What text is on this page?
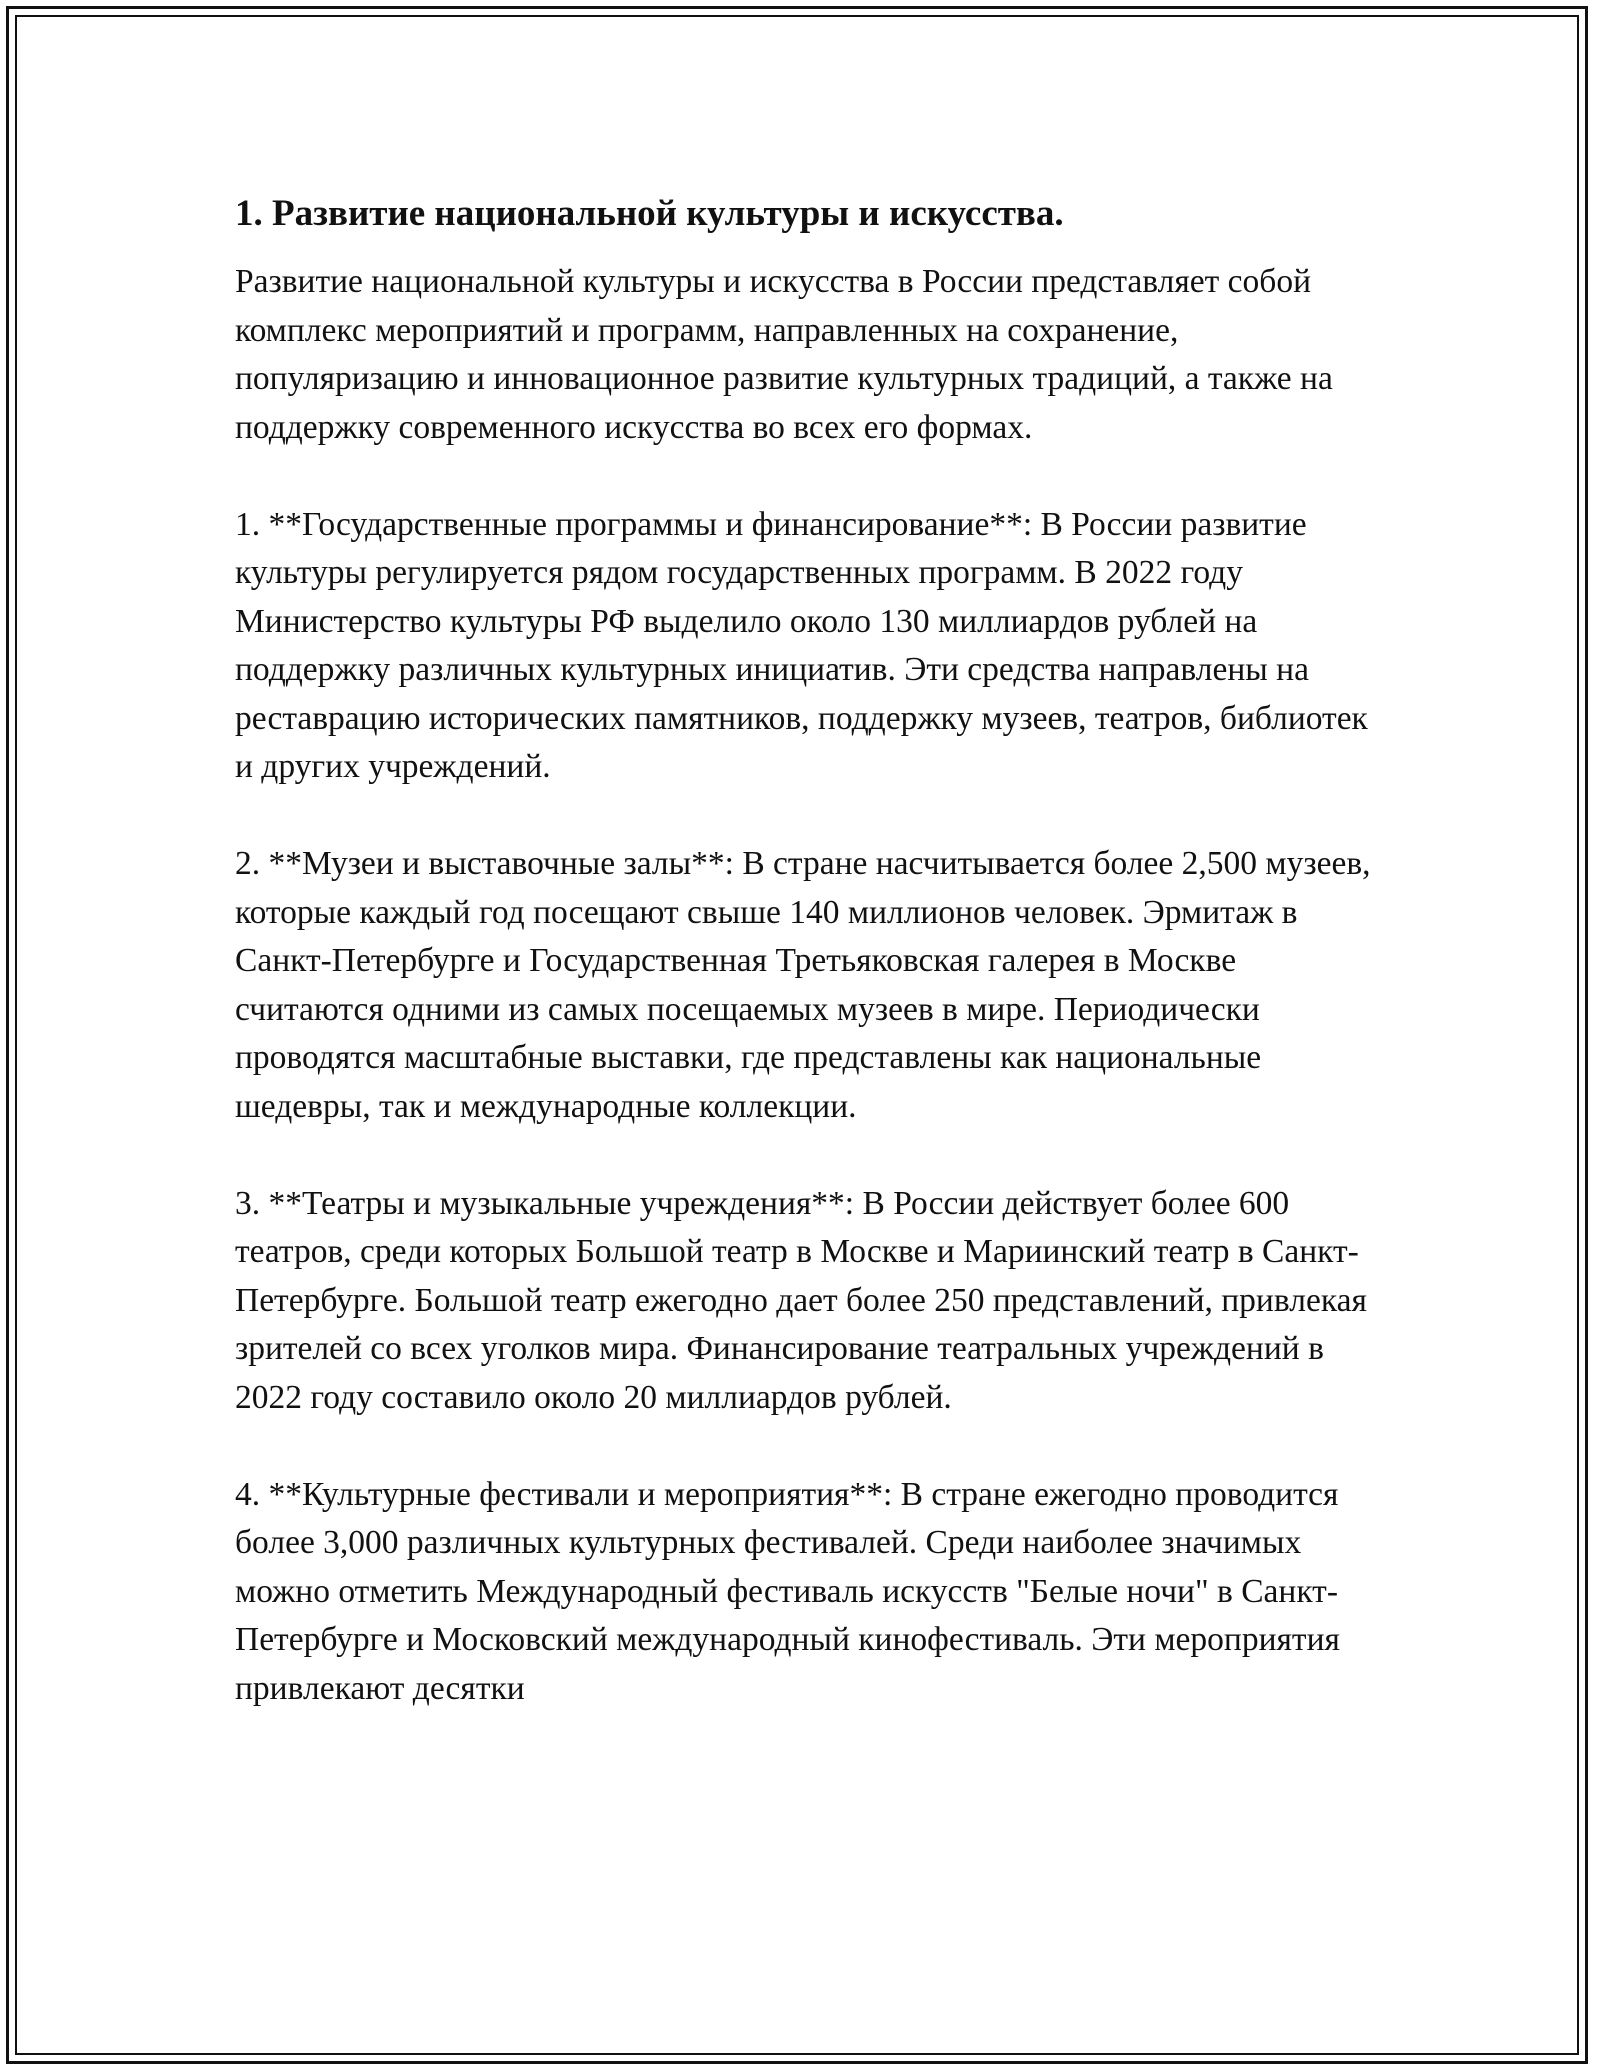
1. Развитие национальной культуры и искусства.

Развитие национальной культуры и искусства в России представляет собой комплекс мероприятий и программ, направленных на сохранение, популяризацию и инновационное развитие культурных традиций, а также на поддержку современного искусства во всех его формах.

1. **Государственные программы и финансирование**: В России развитие культуры регулируется рядом государственных программ. В 2022 году Министерство культуры РФ выделило около 130 миллиардов рублей на поддержку различных культурных инициатив. Эти средства направлены на реставрацию исторических памятников, поддержку музеев, театров, библиотек и других учреждений.

2. **Музеи и выставочные залы**: В стране насчитывается более 2,500 музеев, которые каждый год посещают свыше 140 миллионов человек. Эрмитаж в Санкт-Петербурге и Государственная Третьяковская галерея в Москве считаются одними из самых посещаемых музеев в мире. Периодически проводятся масштабные выставки, где представлены как национальные шедевры, так и международные коллекции.

3. **Театры и музыкальные учреждения**: В России действует более 600 театров, среди которых Большой театр в Москве и Мариинский театр в Санкт-Петербурге. Большой театр ежегодно дает более 250 представлений, привлекая зрителей со всех уголков мира. Финансирование театральных учреждений в 2022 году составило около 20 миллиардов рублей.

4. **Культурные фестивали и мероприятия**: В стране ежегодно проводится более 3,000 различных культурных фестивалей. Среди наиболее значимых можно отметить Международный фестиваль искусств "Белые ночи" в Санкт-Петербурге и Московский международный кинофестиваль. Эти мероприятия привлекают десятки
